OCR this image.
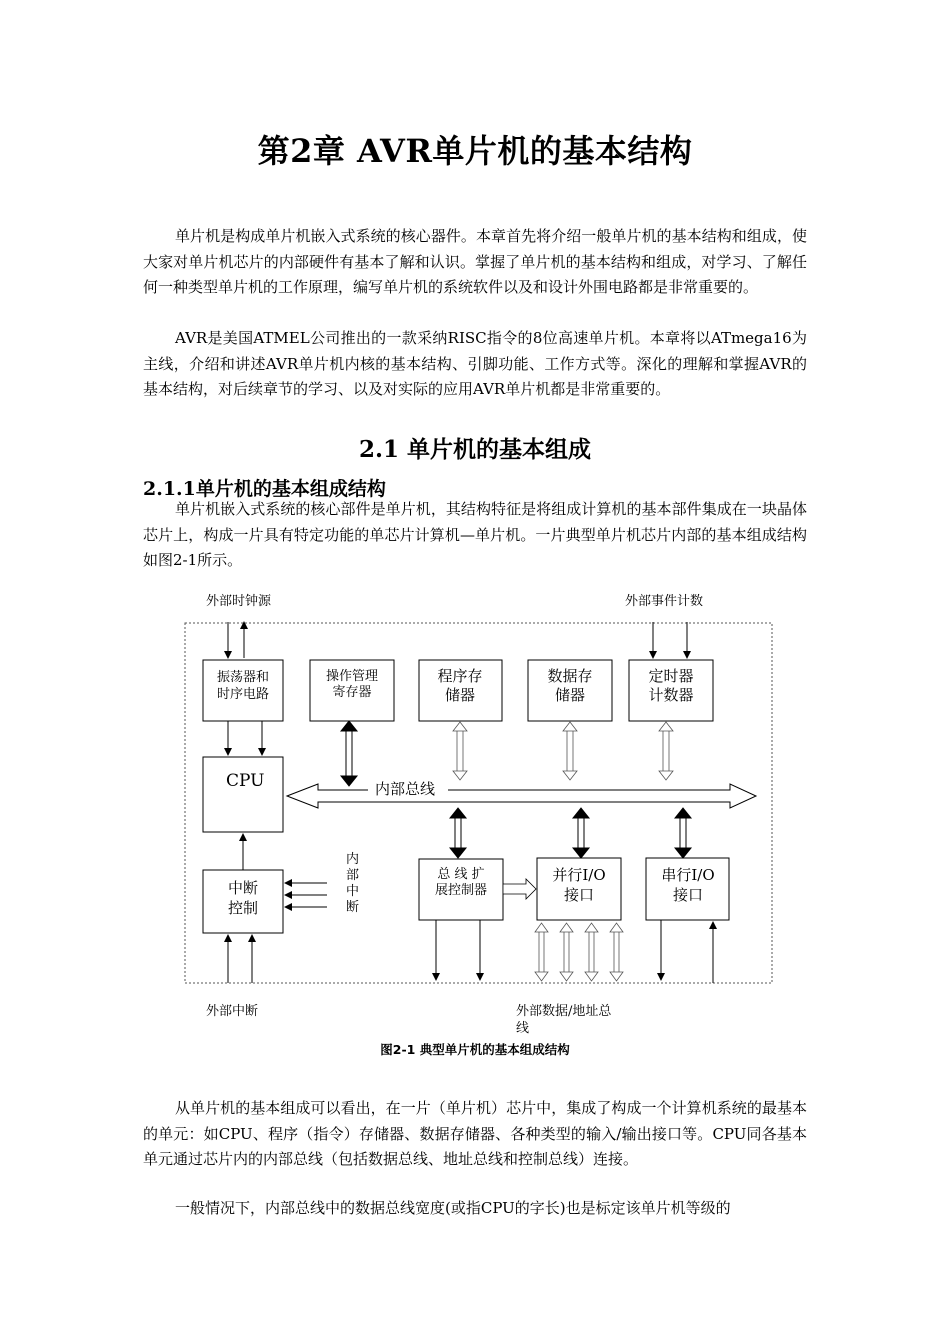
第2章 AVR单片机的基本结构

单片机是构成单片机嵌入式系统的核心器件。本章首先将介绍一般单片机的基本结构和组成，使大家对单片机芯片的内部硬件有基本了解和认识。掌握了单片机的基本结构和组成，对学习、了解任何一种类型单片机的工作原理，编写单片机的系统软件以及和设计外围电路都是非常重要的。

AVR是美国ATMEL公司推出的一款采纳RISC指令的8位高速单片机。本章将以ATmega16为主线，介绍和讲述AVR单片机内核的基本结构、引脚功能、工作方式等。深化的理解和掌握AVR的基本结构，对后续章节的学习、以及对实际的应用AVR单片机都是非常重要的。

2.1 单片机的基本组成
2.1.1单片机的基本组成结构

单片机嵌入式系统的核心部件是单片机，其结构特征是将组成计算机的基本部件集成在一块晶体芯片上，构成一片具有特定功能的单芯片计算机—单片机。一片典型单片机芯片内部的基本组成结构如图2-1所示。

外部时钟源	外部事件计数
外部中断	外部数据/地址总
线
振荡器和
时序电路
操作管理
寄存器
程序存
储器
数据存
储器
定时器
计数器
CPU
中断
控制
总 线 扩
展控制器
并行I/O
接口
串行I/O
接口
内部总线
内
部
中
断
图2-1 典型单片机的基本组成结构

从单片机的基本组成可以看出，在一片（单片机）芯片中，集成了构成一个计算机系统的最基本的单元：如CPU、程序（指令）存储器、数据存储器、各种类型的输入/输出接口等。CPU同各基本单元通过芯片内的内部总线（包括数据总线、地址总线和控制总线）连接。

一般情况下，内部总线中的数据总线宽度(或指CPU的字长)也是标定该单片机等级的
